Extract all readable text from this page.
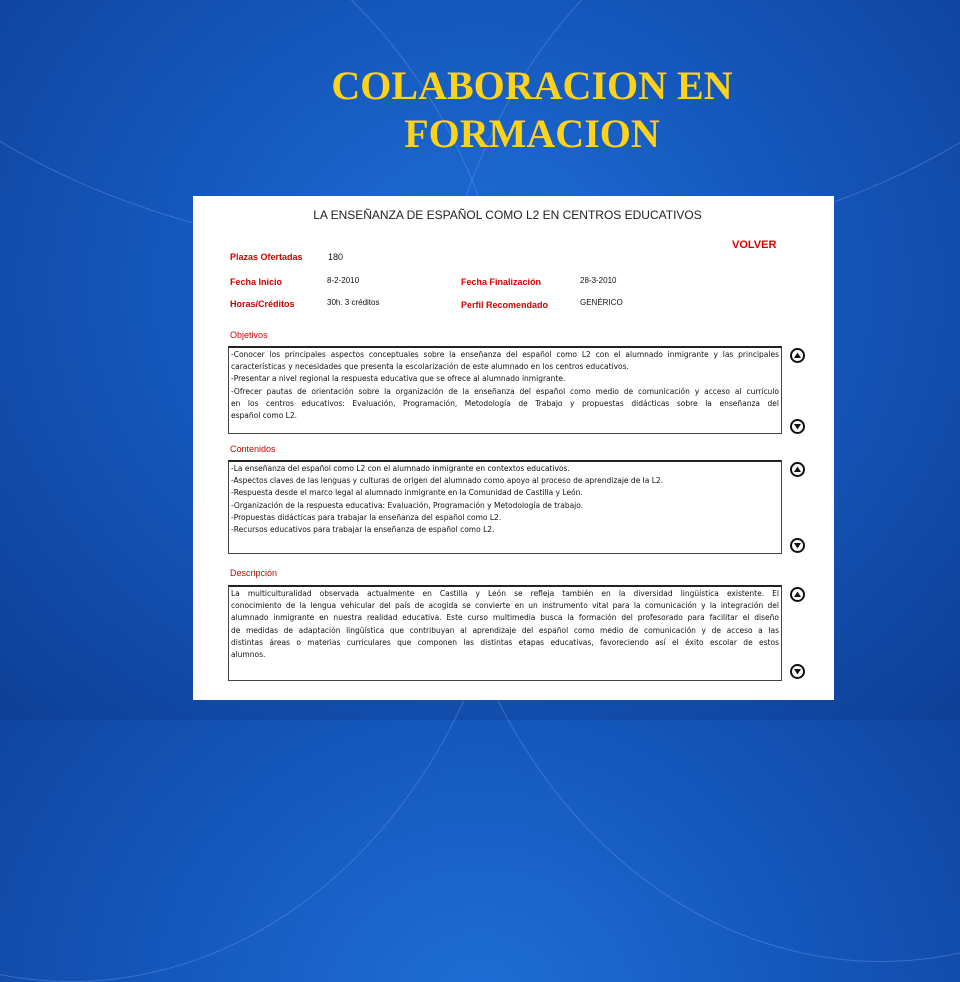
COLABORACION EN
FORMACION
LA ENSEÑANZA DE ESPAÑOL COMO L2 EN CENTROS EDUCATIVOS
VOLVER
Plazas Ofertadas	180
Fecha Inicio	8-2-2010	Fecha Finalización	28-3-2010
Horas/Créditos	30h. 3 créditos	Perfil Recomendado	GENÉRICO
Objetivos
-Conocer los principales aspectos conceptuales sobre la enseñanza del español como L2 con el alumnado inmigrante y las principales
características y necesidades que presenta la escolarización de este alumnado en los centros educativos.
-Presentar a nivel regional la respuesta educativa que se ofrece al alumnado inmigrante.
-Ofrecer pautas de orientación sobre la organización de la enseñanza del español como medio de comunicación y acceso al currículo
en los centros educativos: Evaluación, Programación, Metodología de Trabajo y propuestas didácticas sobre la enseñanza del
español como L2.
Contenidos
-La enseñanza del español como L2 con el alumnado inmigrante en contextos educativos.
-Aspectos claves de las lenguas y culturas de origen del alumnado como apoyo al proceso de aprendizaje de la L2.
-Respuesta desde el marco legal al alumnado inmigrante en la Comunidad de Castilla y León.
-Organización de la respuesta educativa: Evaluación, Programación y Metodología de trabajo.
-Propuestas didácticas para trabajar la enseñanza del español como L2.
-Recursos educativos para trabajar la enseñanza de español como L2.
Descripción
La multiculturalidad observada actualmente en Castilla y León se refleja también en la diversidad lingüística existente. El
conocimiento de la lengua vehicular del país de acogida se convierte en un instrumento vital para la comunicación y la integración del
alumnado inmigrante en nuestra realidad educativa. Este curso multimedia busca la formación del profesorado para facilitar el diseño
de medidas de adaptación lingüística que contribuyan al aprendizaje del español como medio de comunicación y de acceso a las
distintas áreas o materias curriculares que componen las distintas etapas educativas, favoreciendo así el éxito escolar de estos
alumnos.
